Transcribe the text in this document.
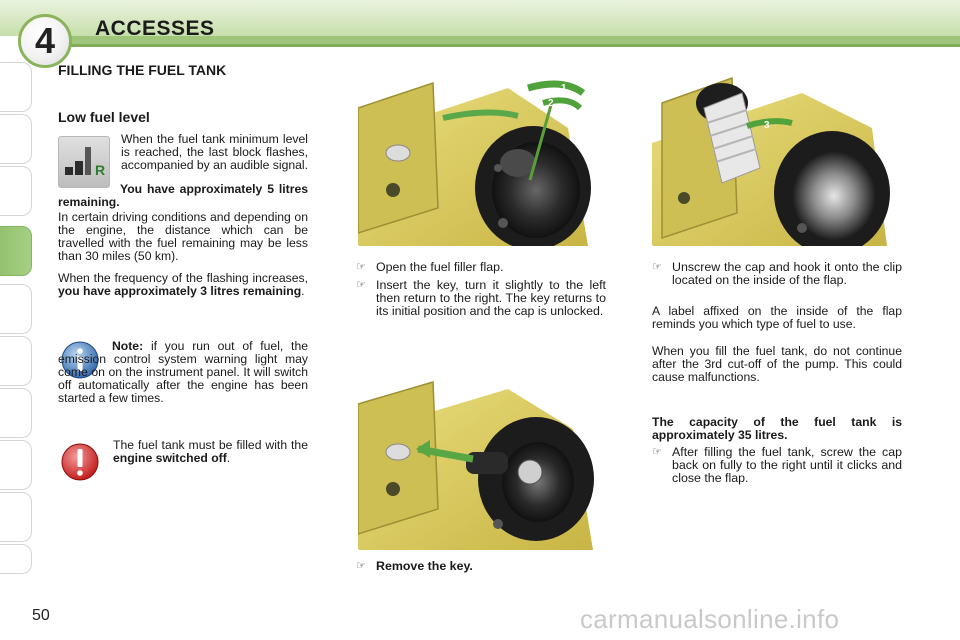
4	ACCESSES
FILLING THE FUEL TANK
Low fuel level
R
When the fuel tank minimum level is reached, the last block flashes, accompanied by an audible signal.
You have approximately 5 litres remaining.
In certain driving conditions and depending on the engine, the distance which can be travelled with the fuel remaining may be less than 30 miles (50 km).
When the frequency of the flashing increases, you have approximately 3 litres remaining.
Note: if you run out of fuel, the emission control system warning light may come on on the instrument panel. It will switch off automatically after the engine has been started a few times.
The fuel tank must be filled with the engine switched off.
1
2
☞ Open the fuel filler flap.
☞ Insert the key, turn it slightly to the left then return to the right. The key returns to its initial position and the cap is unlocked.
☞ Remove the key.
3
☞ Unscrew the cap and hook it onto the clip located on the inside of the flap.
A label affixed on the inside of the flap reminds you which type of fuel to use.
When you fill the fuel tank, do not continue after the 3rd cut-off of the pump. This could cause malfunctions.
The capacity of the fuel tank is approximately 35 litres.
☞ After filling the fuel tank, screw the cap back on fully to the right until it clicks and close the flap.
50	carmanualsonline.info
